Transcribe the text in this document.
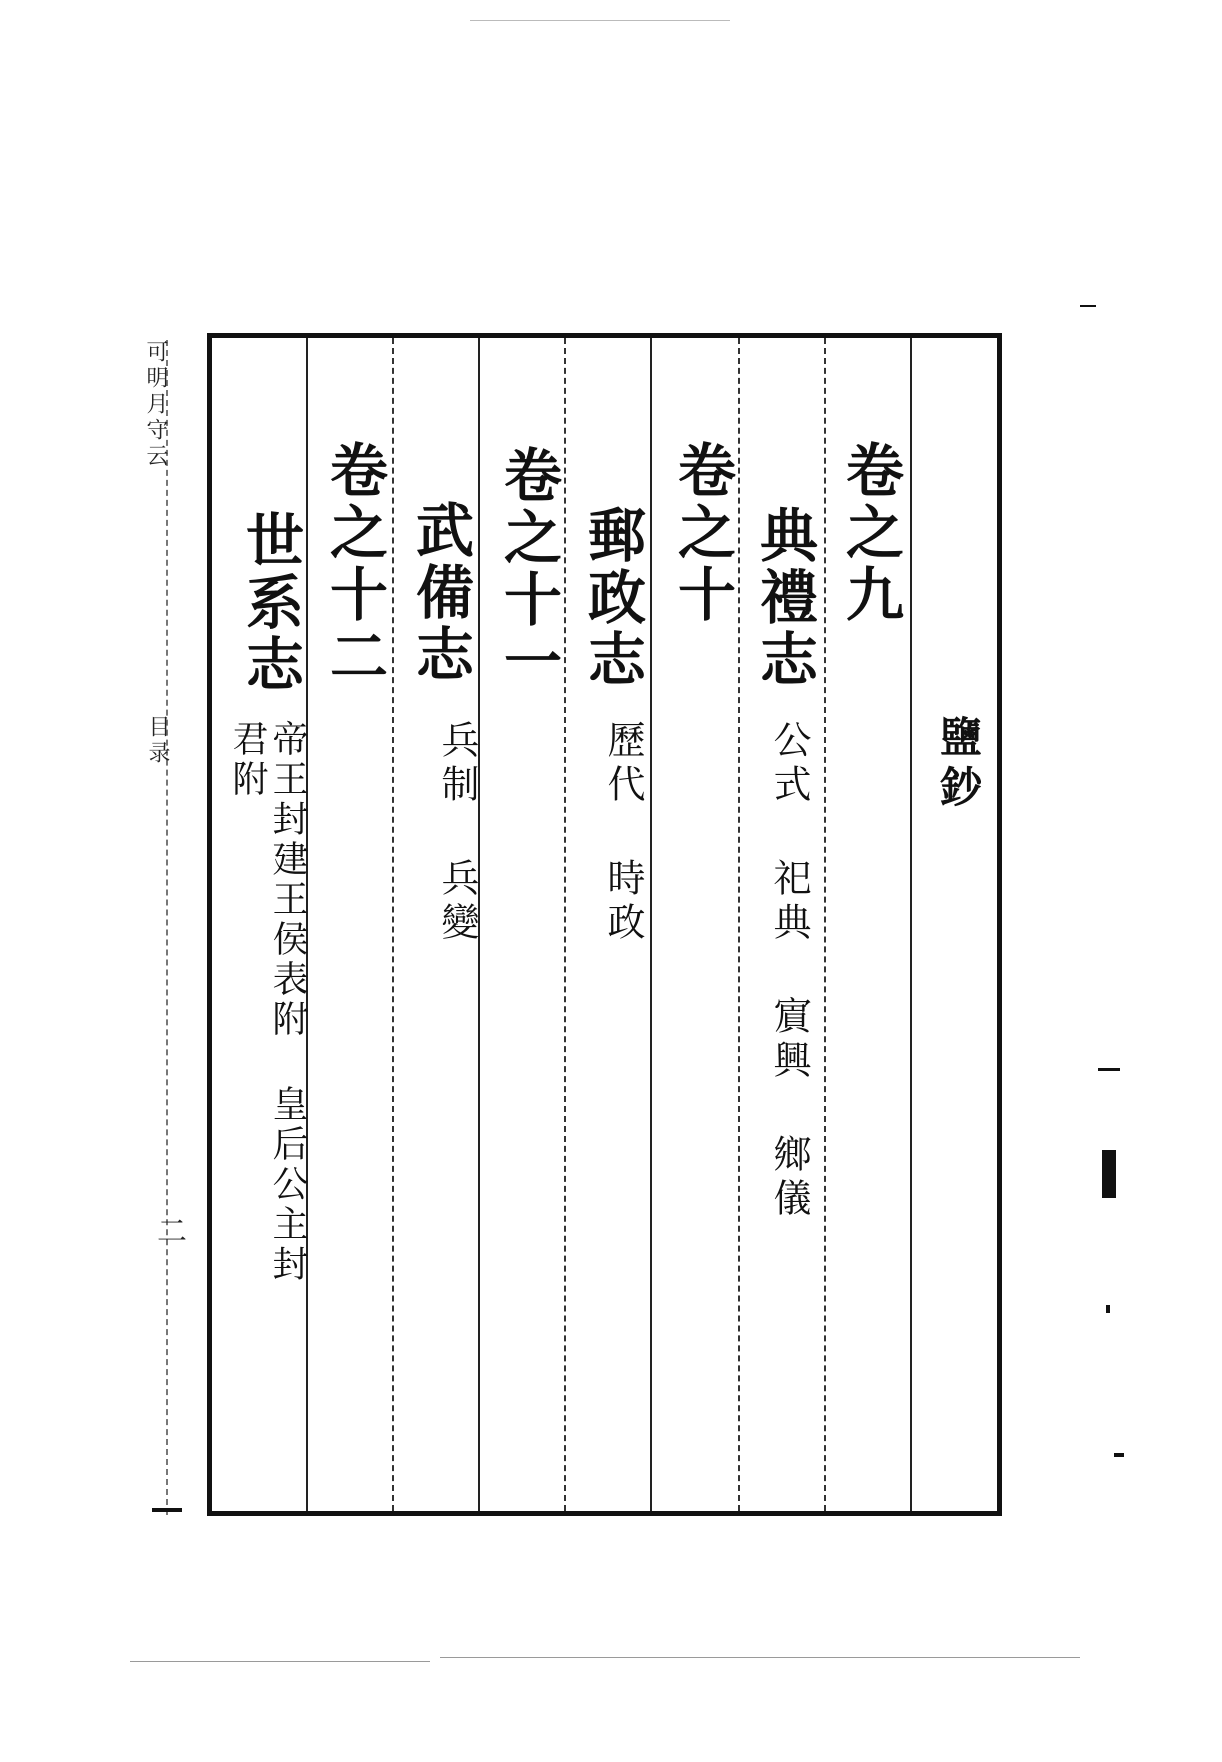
可明月守云
目录
二
鹽鈔
卷之九
典禮志
公式 祀典 賔興 鄉儀
卷之十
郵政志
歷代 時政
卷之十一
武備志
兵制 兵變
卷之十二
世系志
帝王封建王侯表附 皇后公主封
君附
